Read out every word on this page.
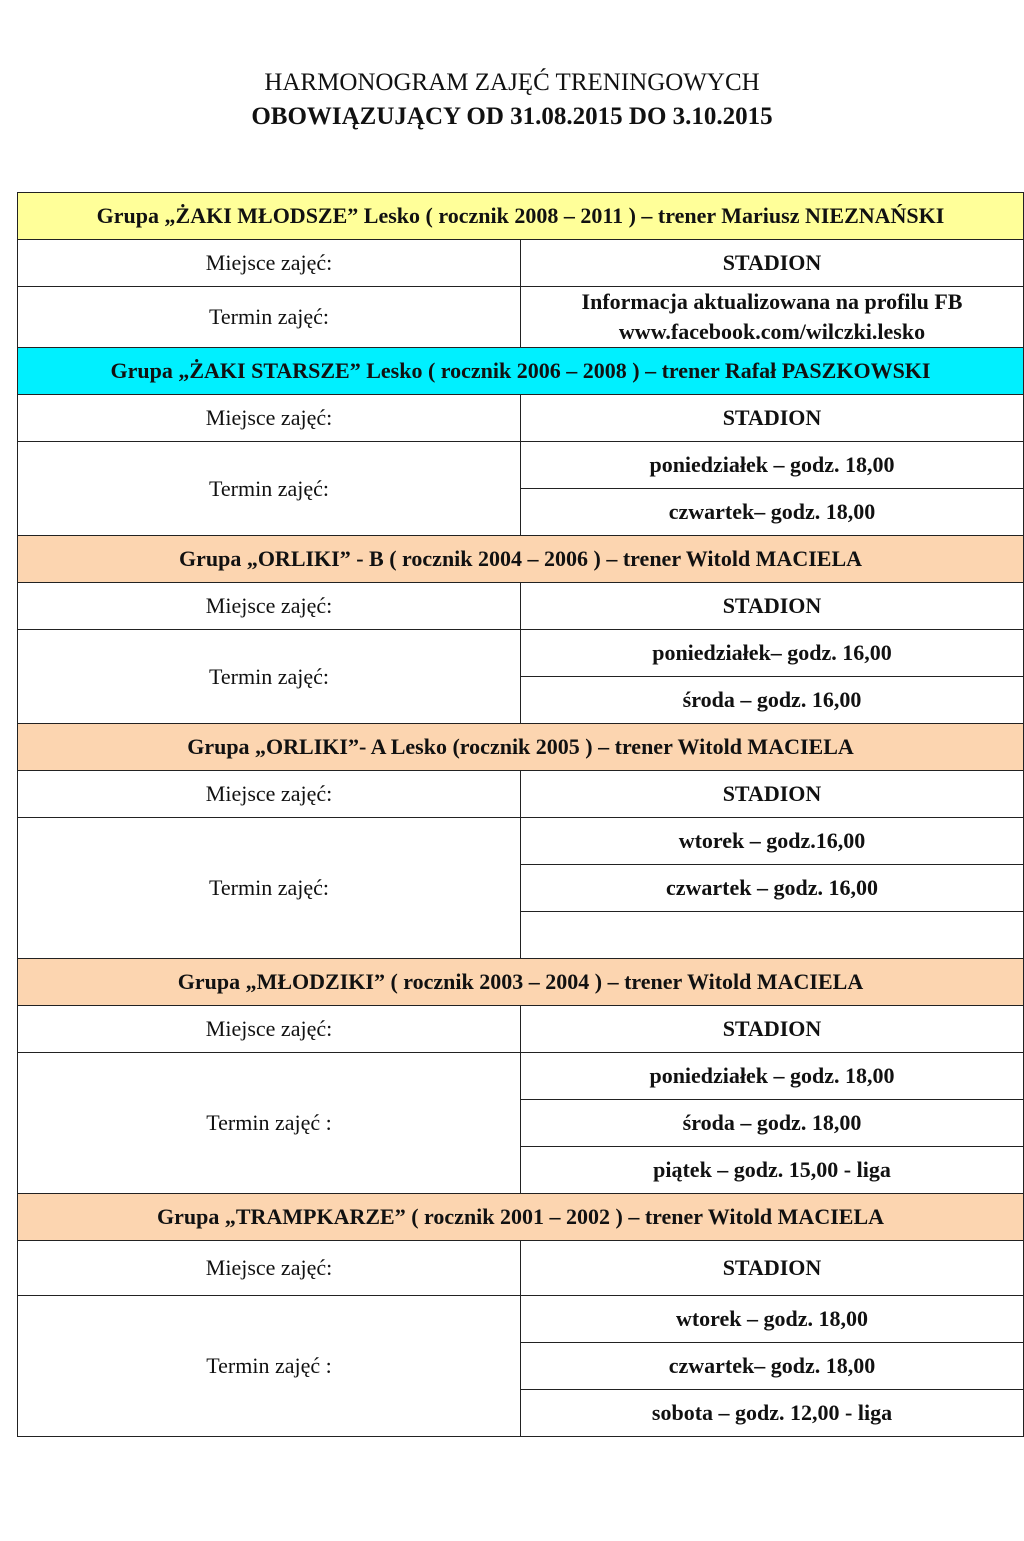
HARMONOGRAM ZAJĘĆ TRENINGOWYCH
OBOWIĄZUJĄCY OD 31.08.2015 DO 3.10.2015
Grupa „ŻAKI MŁODSZE” Lesko ( rocznik 2008 – 2011 ) – trener Mariusz NIEZNAŃSKI	
Miejsce zajęć:	STADION
Termin zajęć:	Informacja aktualizowana na profilu FB
www.facebook.com/wilczki.lesko

Grupa „ŻAKI STARSZE” Lesko ( rocznik 2006 – 2008 ) – trener Rafał PASZKOWSKI	
Miejsce zajęć:	STADION
Termin zajęć:	poniedziałek – godz. 18,00
	czwartek– godz. 18,00
Grupa „ORLIKI” - B ( rocznik 2004 – 2006 ) – trener Witold MACIELA	
Miejsce zajęć:	STADION
Termin zajęć:	poniedziałek– godz. 16,00
	środa – godz. 16,00
Grupa „ORLIKI”- A Lesko (rocznik 2005 ) – trener Witold MACIELA	
Miejsce zajęć:	STADION
Termin zajęć:	wtorek – godz.16,00
	czwartek – godz. 16,00

Grupa „MŁODZIKI” ( rocznik 2003 – 2004 ) – trener Witold MACIELA	
Miejsce zajęć:	STADION
Termin zajęć :	poniedziałek – godz. 18,00
	środa – godz. 18,00
	piątek – godz. 15,00 - liga
Grupa „TRAMPKARZE” ( rocznik 2001 – 2002 ) – trener Witold MACIELA	
Miejsce zajęć:	STADION
Termin zajęć :	wtorek – godz. 18,00
	czwartek– godz. 18,00
	sobota – godz. 12,00 - liga
